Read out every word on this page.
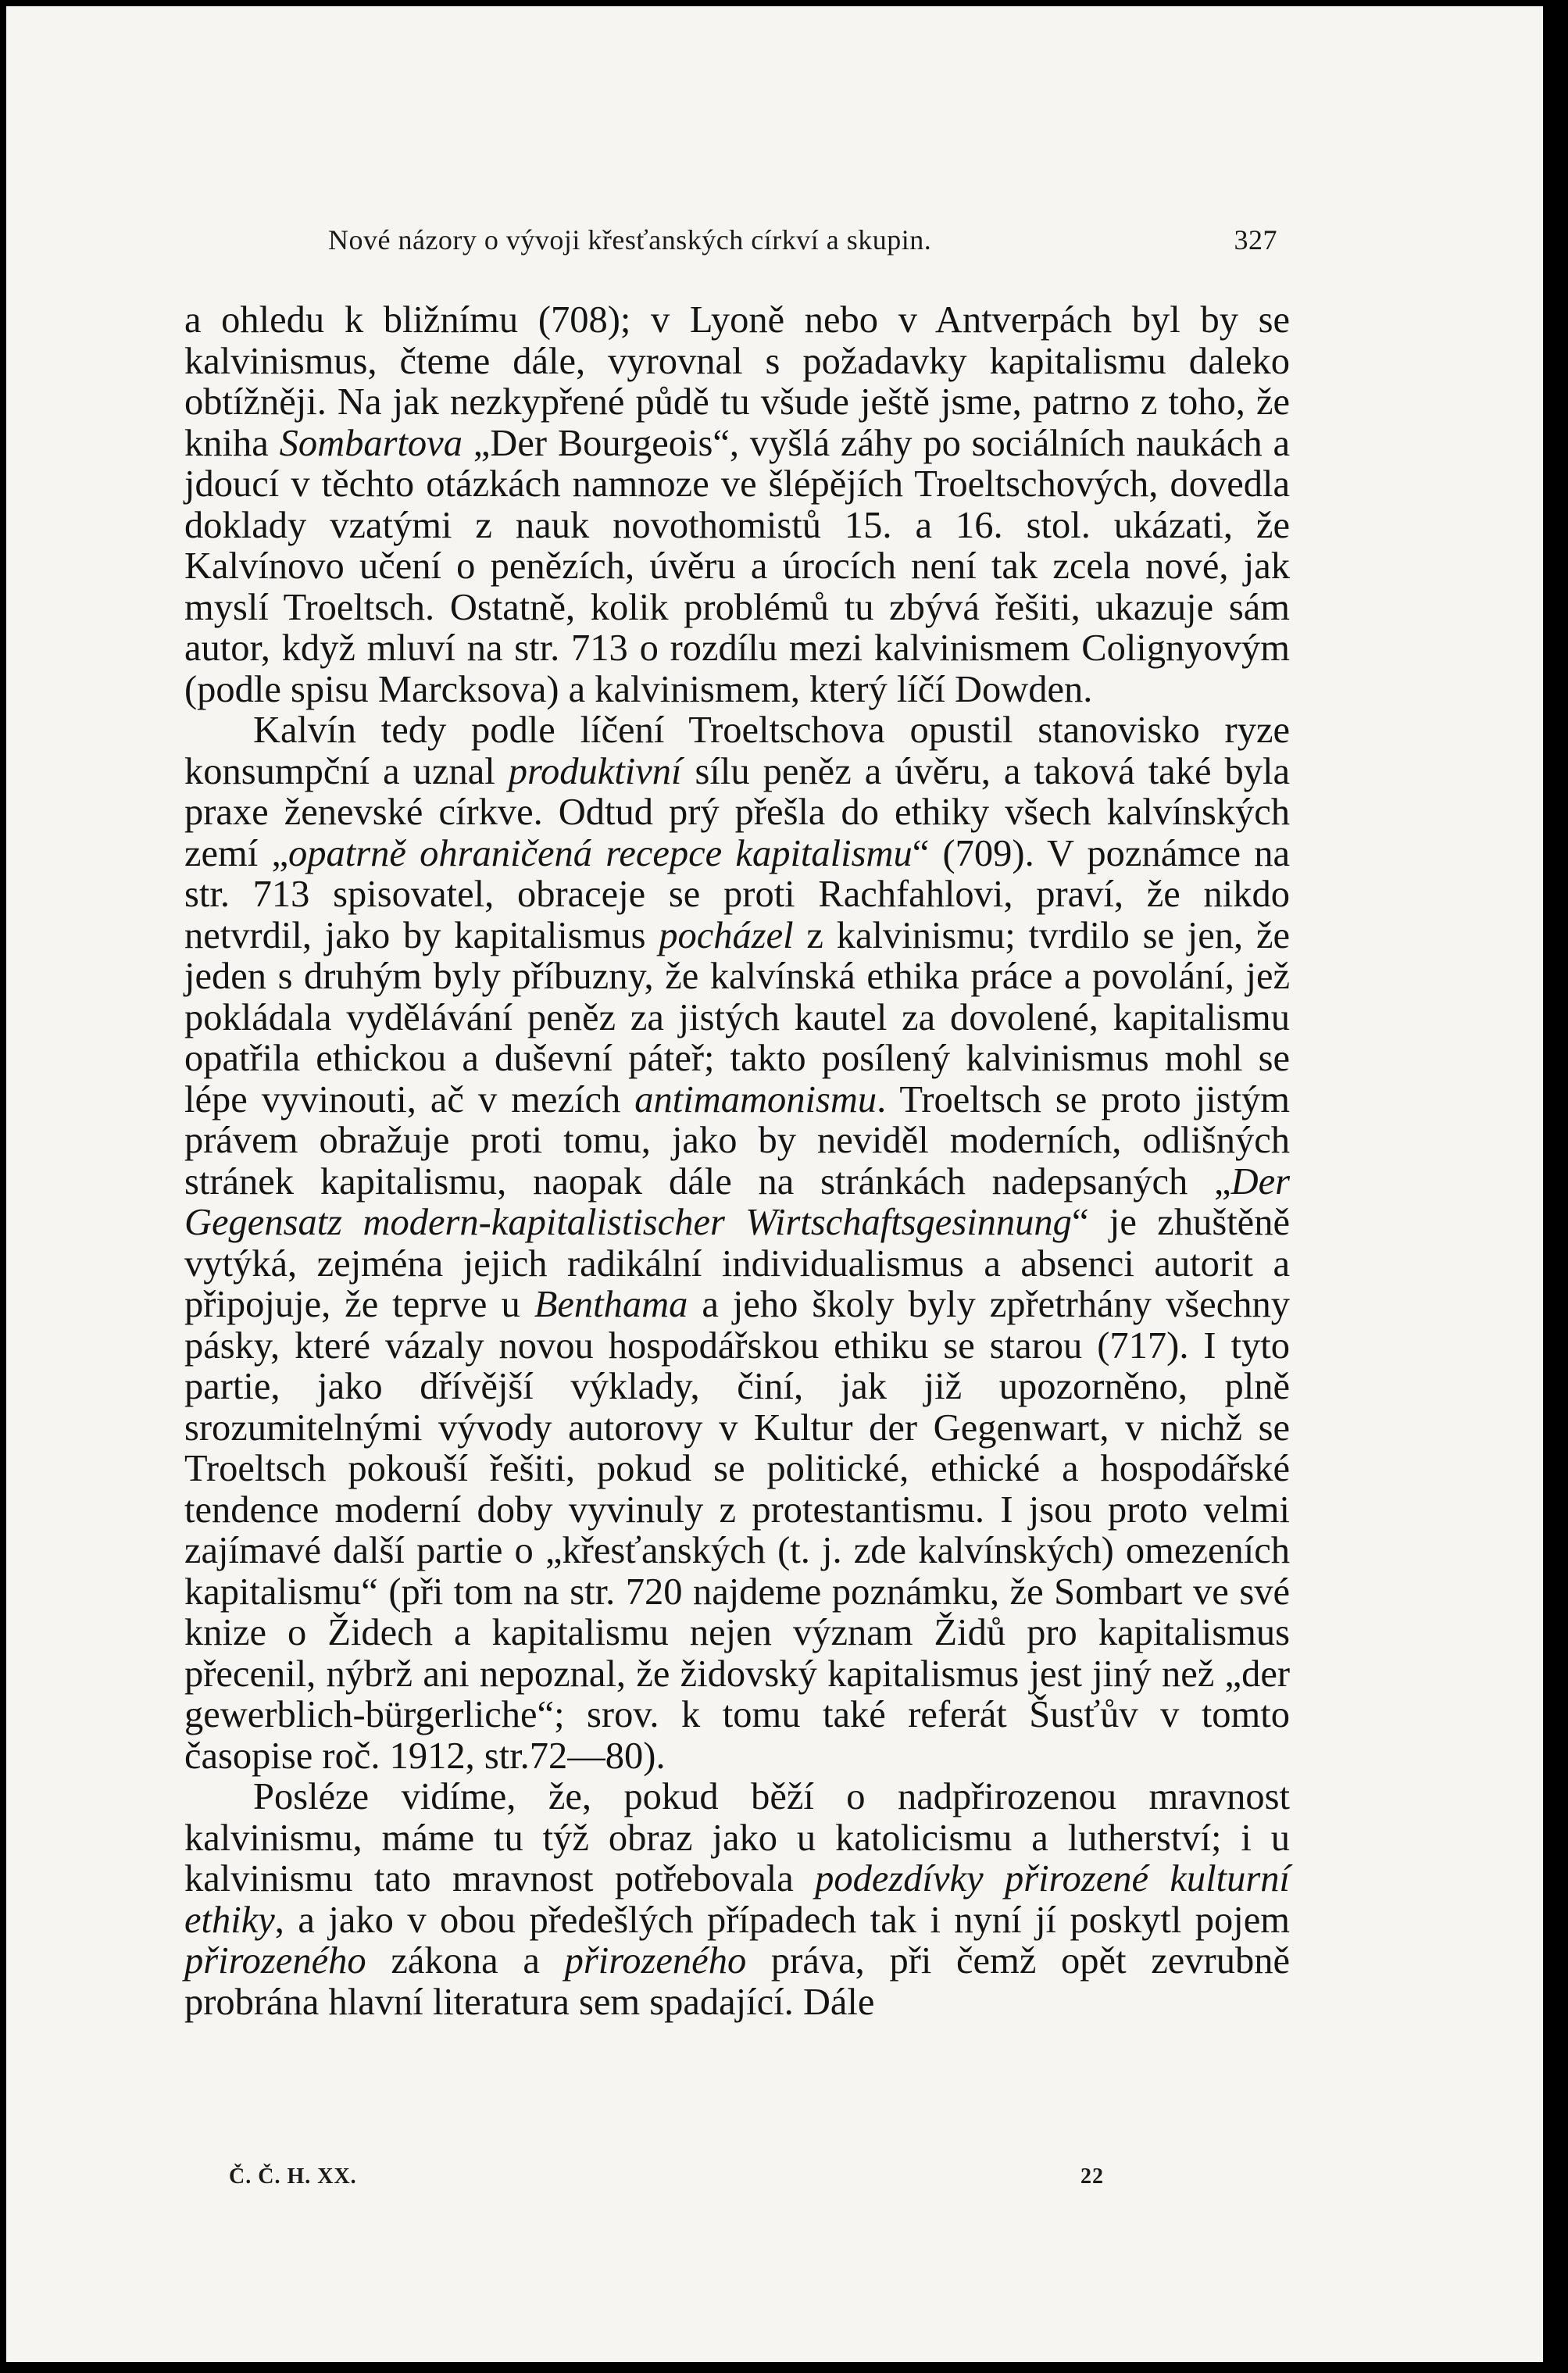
Nové názory o vývoji křesťanských církví a skupin.	327

a ohledu k bližnímu (708); v Lyoně nebo v Antverpách byl by se kalvinismus, čteme dále, vyrovnal s požadavky kapitalismu daleko obtížněji. Na jak nezkypřené půdě tu všude ještě jsme, patrno z toho, že kniha Sombartova „Der Bourgeois“, vyšlá záhy po sociálních naukách a jdoucí v těchto otázkách namnoze ve šlépějích Troeltschových, dovedla doklady vzatými z nauk novothomistů 15. a 16. stol. ukázati, že Kalvínovo učení o penězích, úvěru a úrocích není tak zcela nové, jak myslí Troeltsch. Ostatně, kolik problémů tu zbývá řešiti, ukazuje sám autor, když mluví na str. 713 o rozdílu mezi kalvinismem Colignyovým (podle spisu Marcksova) a kalvinismem, který líčí Dowden.

Kalvín tedy podle líčení Troeltschova opustil stanovisko ryze konsumpční a uznal produktivní sílu peněz a úvěru, a taková také byla praxe ženevské církve. Odtud prý přešla do ethiky všech kalvínských zemí „opatrně ohraničená recepce kapitalismu“ (709). V poznámce na str. 713 spisovatel, obraceje se proti Rachfahlovi, praví, že nikdo netvrdil, jako by kapitalismus pocházel z kalvinismu; tvrdilo se jen, že jeden s druhým byly příbuzny, že kalvínská ethika práce a povolání, jež pokládala vydělávání peněz za jistých kautel za dovolené, kapitalismu opatřila ethickou a duševní páteř; takto posílený kalvinismus mohl se lépe vyvinouti, ač v mezích antimamonismu. Troeltsch se proto jistým právem obražuje proti tomu, jako by neviděl moderních, odlišných stránek kapitalismu, naopak dále na stránkách nadepsaných „Der Gegensatz modern-kapitalistischer Wirtschaftsgesinnung“ je zhuštěně vytýká, zejména jejich radikální individualismus a absenci autorit a připojuje, že teprve u Benthama a jeho školy byly zpřetrhány všechny pásky, které vázaly novou hospodářskou ethiku se starou (717). I tyto partie, jako dřívější výklady, činí, jak již upozorněno, plně srozumitelnými vývody autorovy v Kultur der Gegenwart, v nichž se Troeltsch pokouší řešiti, pokud se politické, ethické a hospodářské tendence moderní doby vyvinuly z protestantismu. I jsou proto velmi zajímavé další partie o „křesťanských (t. j. zde kalvínských) omezeních kapitalismu“ (při tom na str. 720 najdeme poznámku, že Sombart ve své knize o Židech a kapitalismu nejen význam Židů pro kapitalismus přecenil, nýbrž ani nepoznal, že židovský kapitalismus jest jiný než „der gewerblich-bürgerliche“; srov. k tomu také referát Šusťův v tomto časopise roč. 1912, str.72—80).

Posléze vidíme, že, pokud běží o nadpřirozenou mravnost kalvinismu, máme tu týž obraz jako u katolicismu a lutherství; i u kalvinismu tato mravnost potřebovala podezdívky přirozené kulturní ethiky, a jako v obou předešlých případech tak i nyní jí poskytl pojem přirozeného zákona a přirozeného práva, při čemž opět zevrubně probrána hlavní literatura sem spadající. Dále

Č. Č. H. XX.	22
